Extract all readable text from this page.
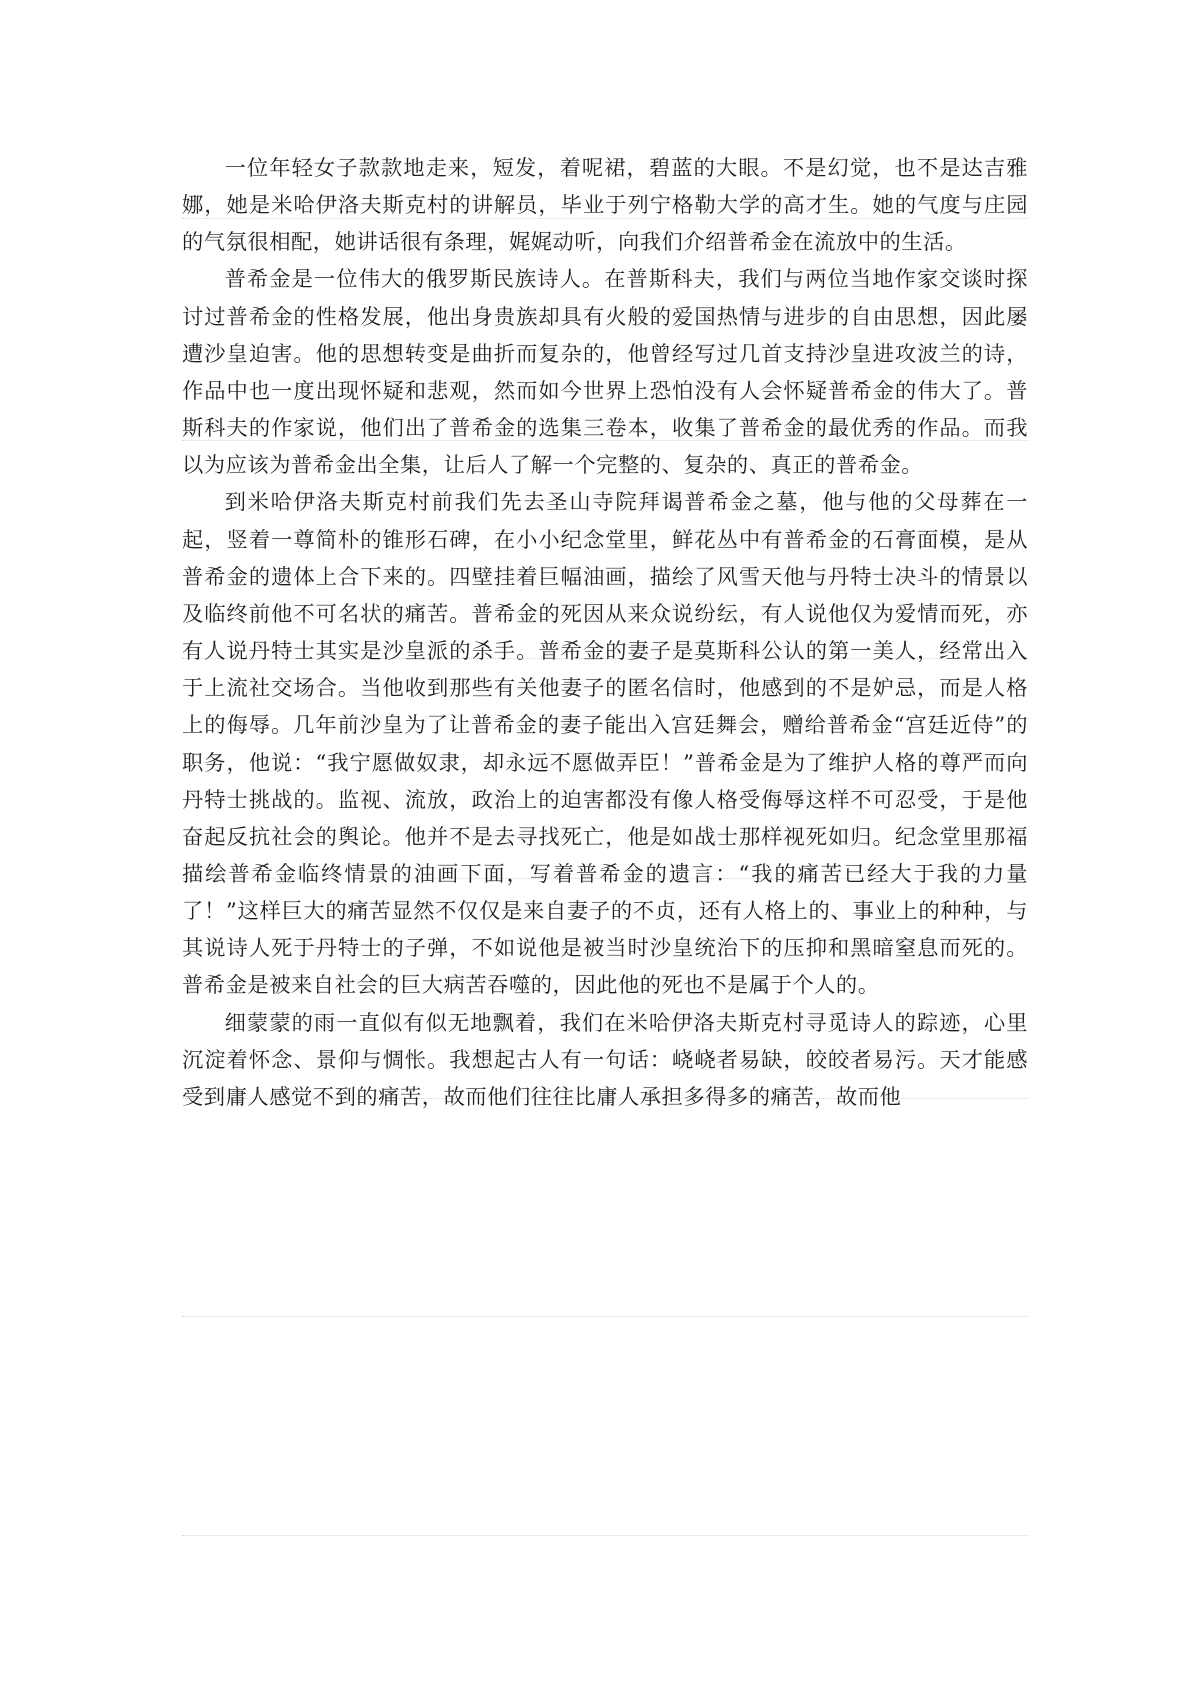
一位年轻女子款款地走来，短发，着呢裙，碧蓝的大眼。不是幻觉，也不是达吉雅娜，她是米哈伊洛夫斯克村的讲解员，毕业于列宁格勒大学的高才生。她的气度与庄园的气氛很相配，她讲话很有条理，娓娓动听，向我们介绍普希金在流放中的生活。

普希金是一位伟大的俄罗斯民族诗人。在普斯科夫，我们与两位当地作家交谈时探讨过普希金的性格发展，他出身贵族却具有火般的爱国热情与进步的自由思想，因此屡遭沙皇迫害。他的思想转变是曲折而复杂的，他曾经写过几首支持沙皇进攻波兰的诗，作品中也一度出现怀疑和悲观，然而如今世界上恐怕没有人会怀疑普希金的伟大了。普斯科夫的作家说，他们出了普希金的选集三卷本，收集了普希金的最优秀的作品。而我以为应该为普希金出全集，让后人了解一个完整的、复杂的、真正的普希金。

到米哈伊洛夫斯克村前我们先去圣山寺院拜谒普希金之墓，他与他的父母葬在一起，竖着一尊简朴的锥形石碑，在小小纪念堂里，鲜花丛中有普希金的石膏面模，是从普希金的遗体上合下来的。四壁挂着巨幅油画，描绘了风雪天他与丹特士决斗的情景以及临终前他不可名状的痛苦。普希金的死因从来众说纷纭，有人说他仅为爱情而死，亦有人说丹特士其实是沙皇派的杀手。普希金的妻子是莫斯科公认的第一美人，经常出入于上流社交场合。当他收到那些有关他妻子的匿名信时，他感到的不是妒忌，而是人格上的侮辱。几年前沙皇为了让普希金的妻子能出入宫廷舞会，赠给普希金“宫廷近侍”的职务，他说：“我宁愿做奴隶，却永远不愿做弄臣！”普希金是为了维护人格的尊严而向丹特士挑战的。监视、流放，政治上的迫害都没有像人格受侮辱这样不可忍受，于是他奋起反抗社会的舆论。他并不是去寻找死亡，他是如战士那样视死如归。纪念堂里那福描绘普希金临终情景的油画下面，写着普希金的遗言：“我的痛苦已经大于我的力量了！”这样巨大的痛苦显然不仅仅是来自妻子的不贞，还有人格上的、事业上的种种，与其说诗人死于丹特士的子弹，不如说他是被当时沙皇统治下的压抑和黑暗窒息而死的。普希金是被来自社会的巨大病苦吞噬的，因此他的死也不是属于个人的。

细蒙蒙的雨一直似有似无地飘着，我们在米哈伊洛夫斯克村寻觅诗人的踪迹，心里沉淀着怀念、景仰与惆怅。我想起古人有一句话：峣峣者易缺，皎皎者易污。天才能感受到庸人感觉不到的痛苦，故而他们往往比庸人承担多得多的痛苦，故而他
